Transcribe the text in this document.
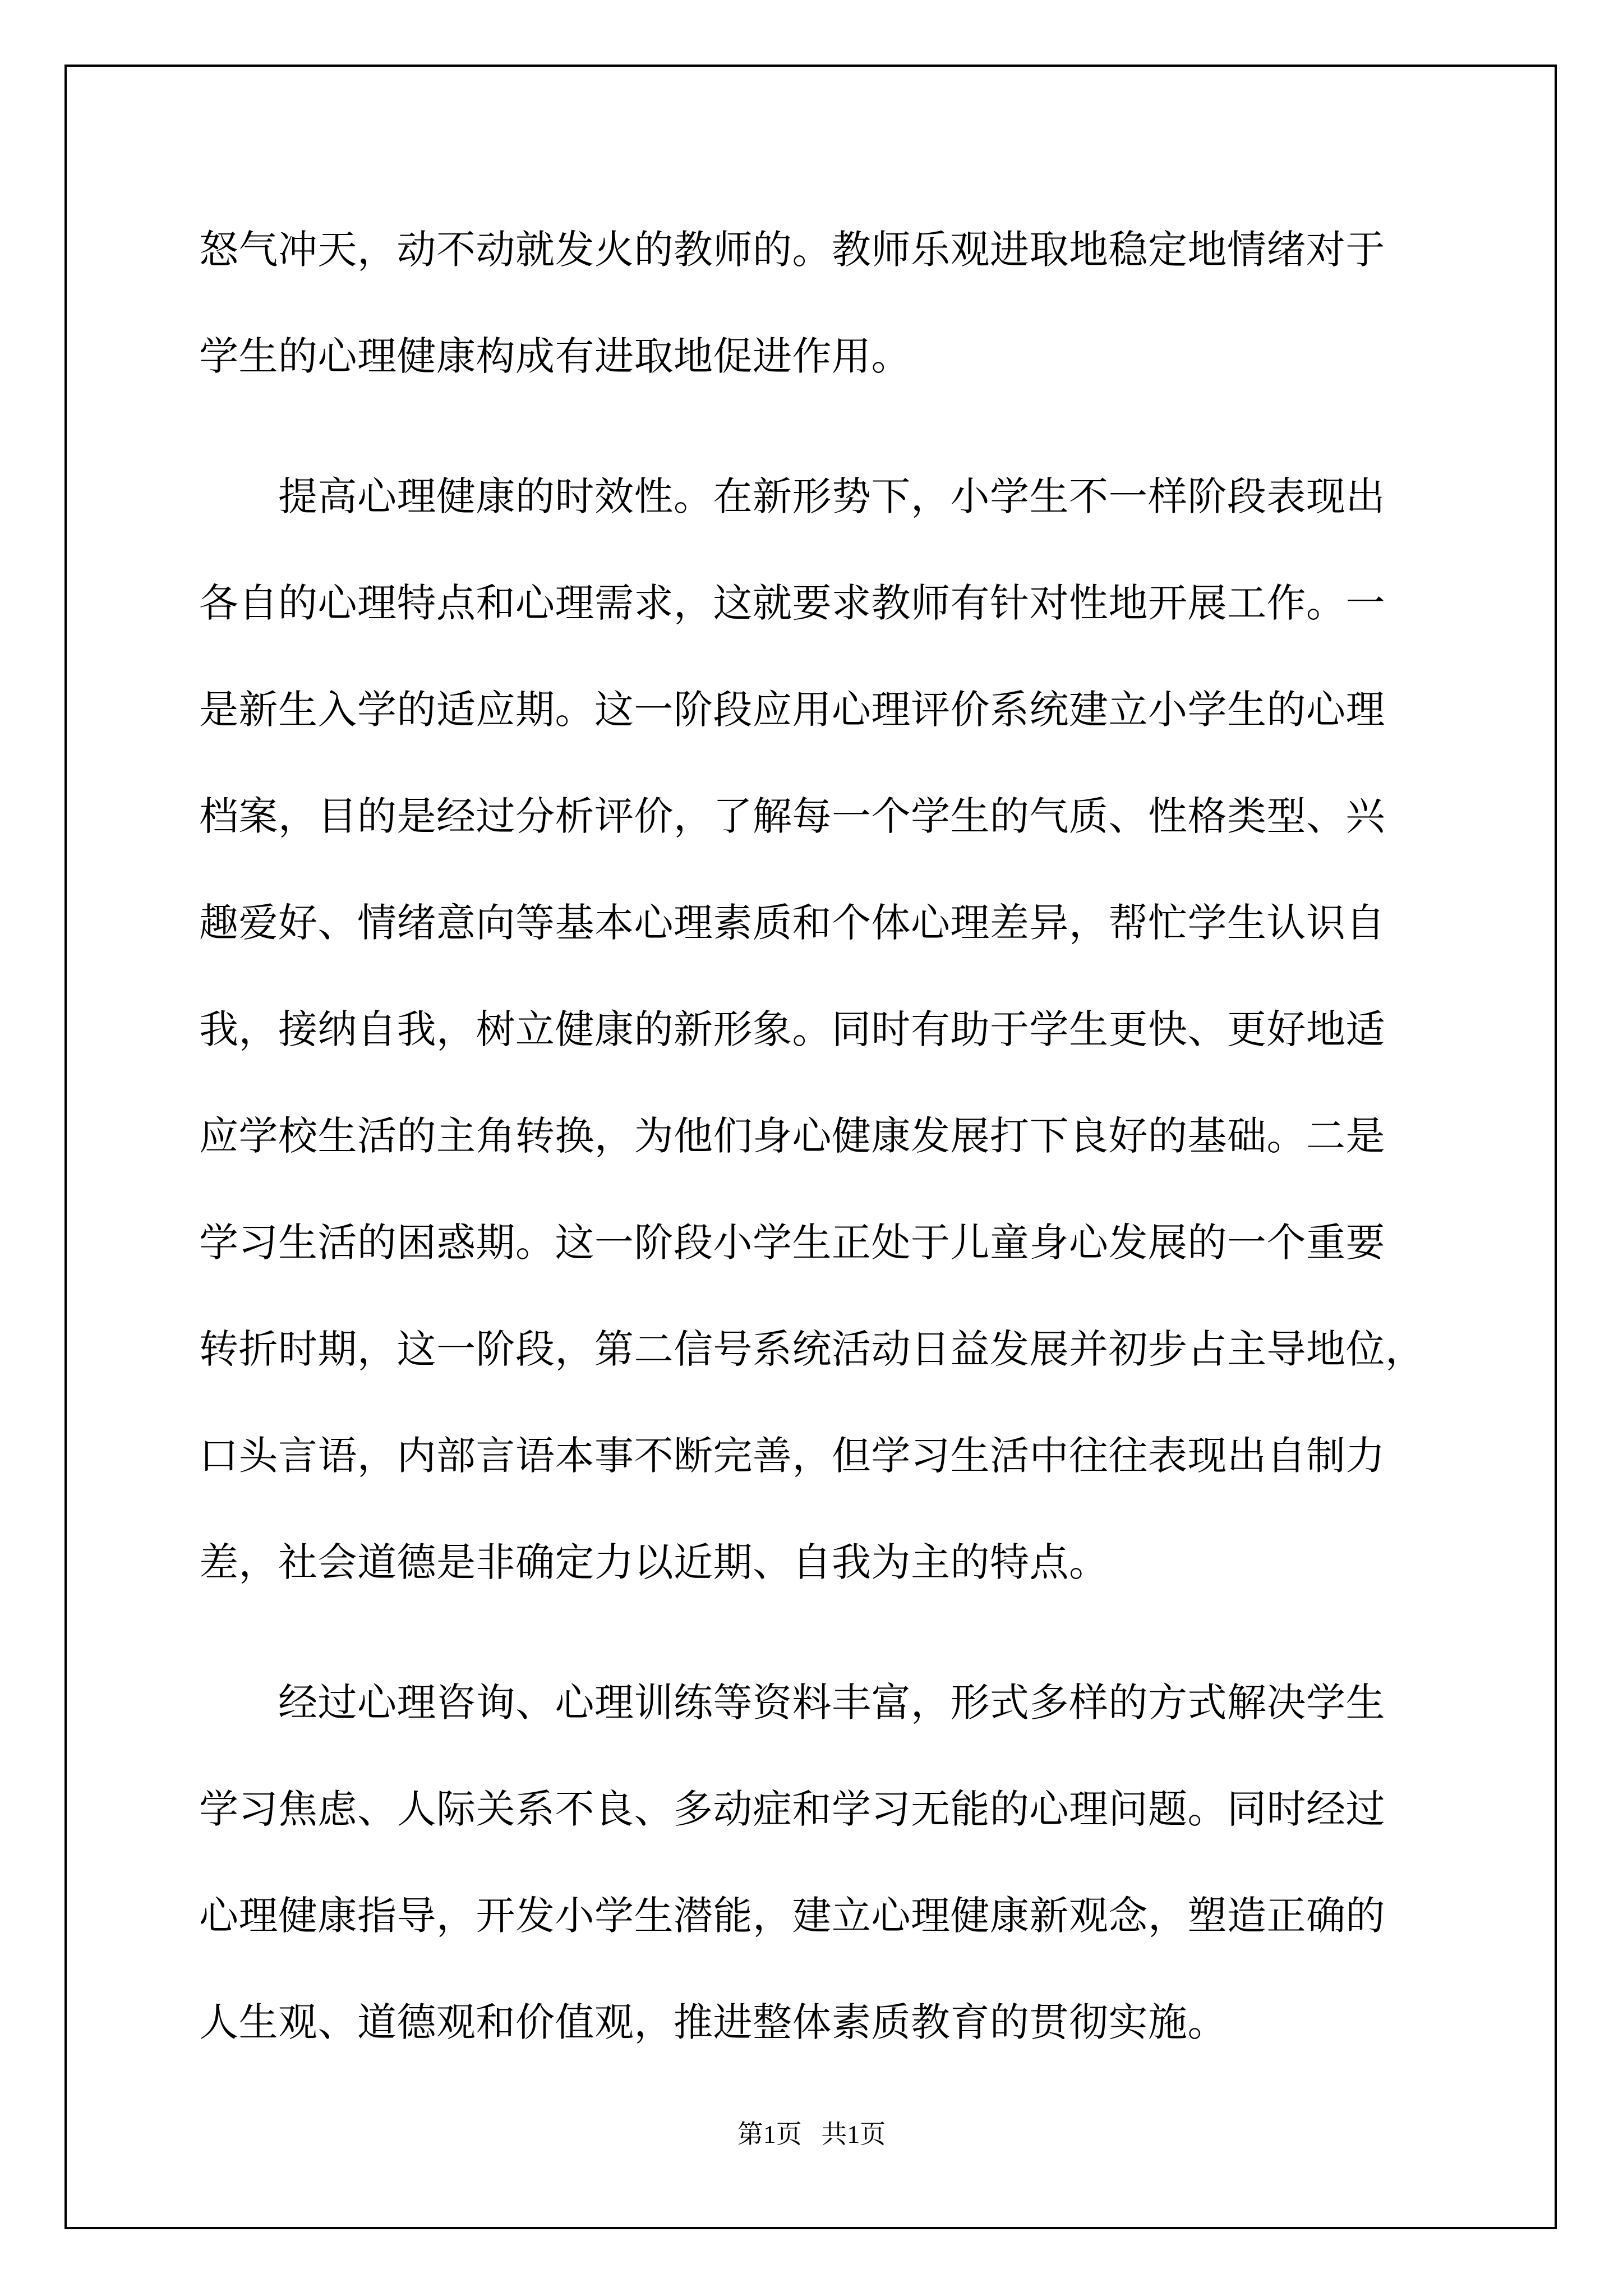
怒气冲天，动不动就发火的教师的。教师乐观进取地稳定地情绪对于
学生的心理健康构成有进取地促进作用。
　　提高心理健康的时效性。在新形势下，小学生不一样阶段表现出
各自的心理特点和心理需求，这就要求教师有针对性地开展工作。一
是新生入学的适应期。这一阶段应用心理评价系统建立小学生的心理
档案，目的是经过分析评价，了解每一个学生的气质、性格类型、兴
趣爱好、情绪意向等基本心理素质和个体心理差异，帮忙学生认识自
我，接纳自我，树立健康的新形象。同时有助于学生更快、更好地适
应学校生活的主角转换，为他们身心健康发展打下良好的基础。二是
学习生活的困惑期。这一阶段小学生正处于儿童身心发展的一个重要
转折时期，这一阶段，第二信号系统活动日益发展并初步占主导地位，
口头言语，内部言语本事不断完善，但学习生活中往往表现出自制力
差，社会道德是非确定力以近期、自我为主的特点。
　　经过心理咨询、心理训练等资料丰富，形式多样的方式解决学生
学习焦虑、人际关系不良、多动症和学习无能的心理问题。同时经过
心理健康指导，开发小学生潜能，建立心理健康新观念，塑造正确的
人生观、道德观和价值观，推进整体素质教育的贯彻实施。
第1页   共1页
